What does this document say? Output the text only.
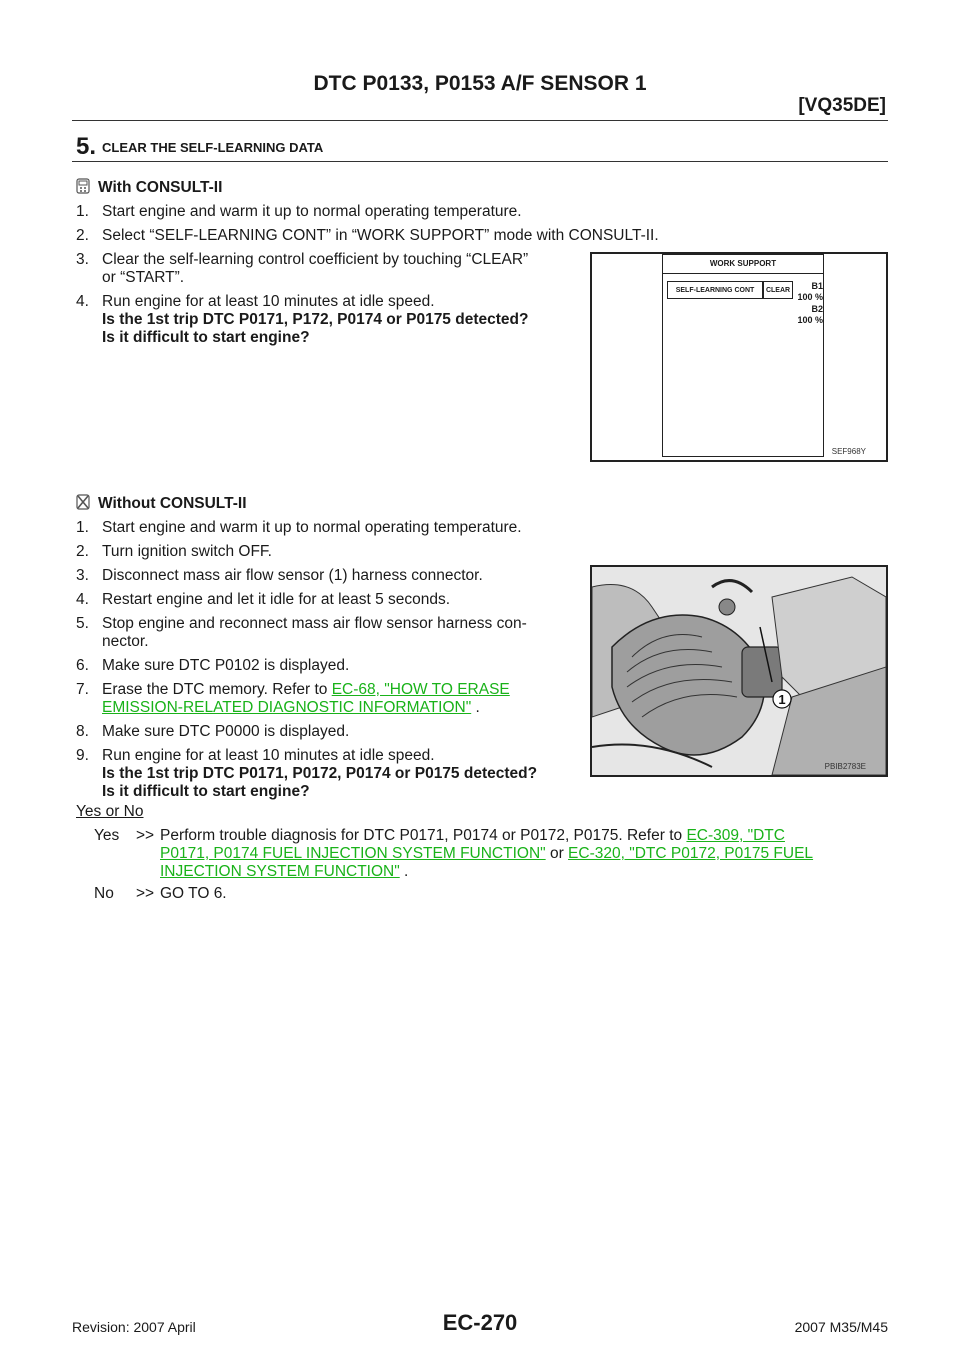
DTC P0133, P0153 A/F SENSOR 1
[VQ35DE]
5. CLEAR THE SELF-LEARNING DATA
With CONSULT-II
1. Start engine and warm it up to normal operating temperature.
2. Select “SELF-LEARNING CONT” in “WORK SUPPORT” mode with CONSULT-II.
3. Clear the self-learning control coefficient by touching “CLEAR”
or “START”.
4. Run engine for at least 10 minutes at idle speed.
Is the 1st trip DTC P0171, P172, P0174 or P0175 detected?
Is it difficult to start engine?
WORK SUPPORT
SELF-LEARNING CONT	CLEAR	B1
100 %
B2
100 %
SEF968Y
Without CONSULT-II
1. Start engine and warm it up to normal operating temperature.
2. Turn ignition switch OFF.
3. Disconnect mass air flow sensor (1) harness connector.
4. Restart engine and let it idle for at least 5 seconds.
5. Stop engine and reconnect mass air flow sensor harness con-
nector.
6. Make sure DTC P0102 is displayed.
7. Erase the DTC memory. Refer to EC-68, "HOW TO ERASE
EMISSION-RELATED DIAGNOSTIC INFORMATION" .
8. Make sure DTC P0000 is displayed.
9. Run engine for at least 10 minutes at idle speed.
Is the 1st trip DTC P0171, P0172, P0174 or P0175 detected?
Is it difficult to start engine?
1
PBIB2783E
Yes or No
Yes >> Perform trouble diagnosis for DTC P0171, P0174 or P0172, P0175. Refer to EC-309, "DTC
P0171, P0174 FUEL INJECTION SYSTEM FUNCTION" or EC-320, "DTC P0172, P0175 FUEL
INJECTION SYSTEM FUNCTION" .
No >> GO TO 6.
Revision: 2007 April	EC-270	2007 M35/M45
